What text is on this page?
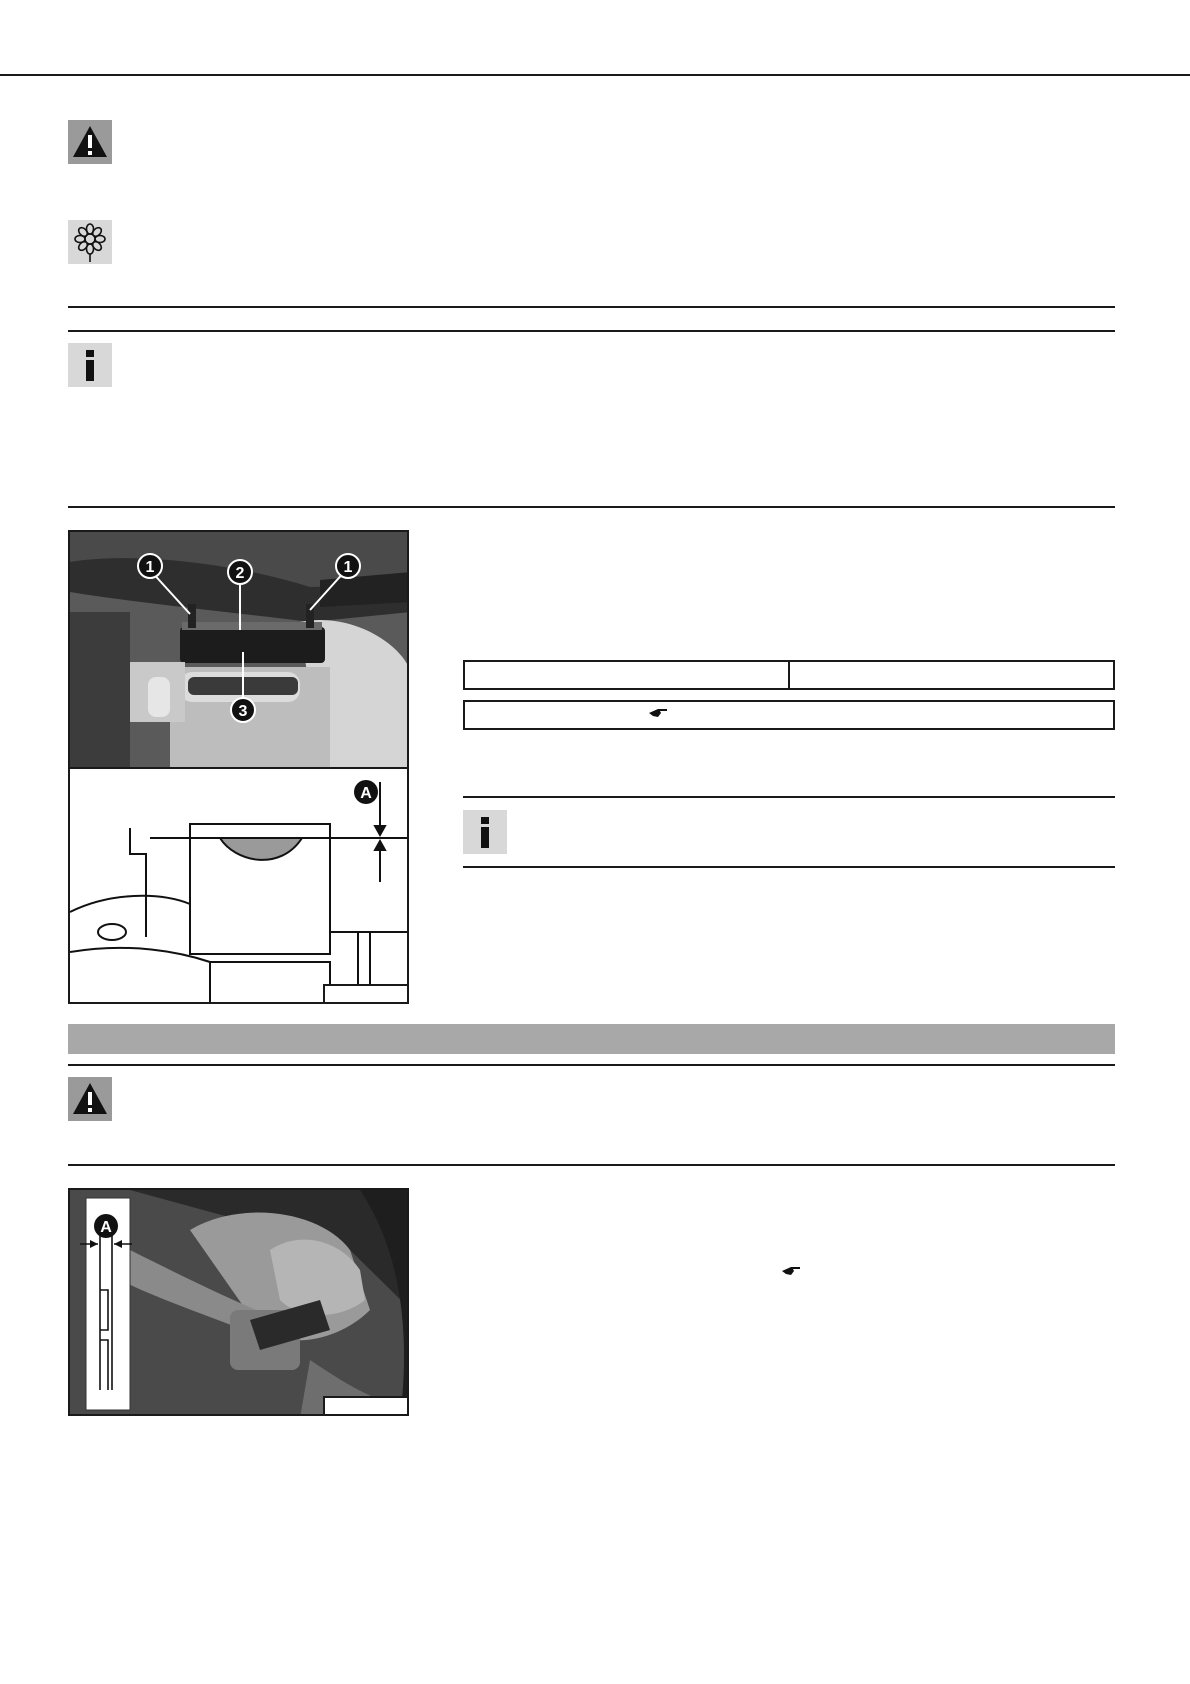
1	2	1
3
A
A
